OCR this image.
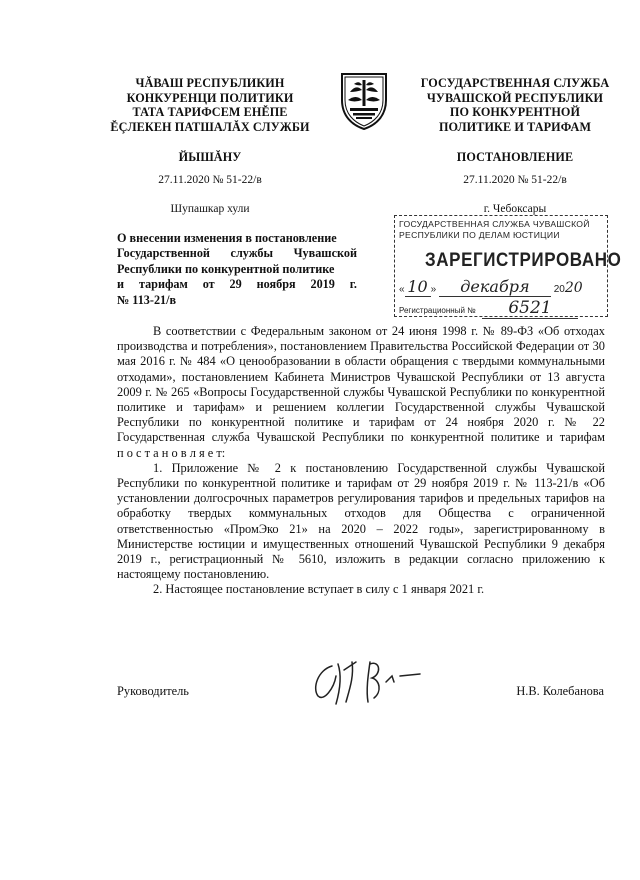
ЧĂВАШ РЕСПУБЛИКИН
КОНКУРЕНЦИ ПОЛИТИКИ
ТАТА ТАРИФСЕМ ЕНĔПЕ
ĔÇЛЕКЕН ПАТШАЛĂХ СЛУЖБИ
ГОСУДАРСТВЕННАЯ СЛУЖБА
ЧУВАШСКОЙ РЕСПУБЛИКИ
ПО КОНКУРЕНТНОЙ
ПОЛИТИКЕ И ТАРИФАМ
ЙЫШĂНУ	ПОСТАНОВЛЕНИЕ
27.11.2020 № 51-22/в	27.11.2020 № 51-22/в
Шупашкар хули	г. Чебоксары
О внесении изменения в постановление
Государственной службы Чувашской
Республики по конкурентной политике
и тарифам от 29 ноября 2019 г.
№ 113-21/в
ГОСУДАРСТВЕННАЯ СЛУЖБА ЧУВАШСКОЙ
РЕСПУБЛИКИ ПО ДЕЛАМ ЮСТИЦИИ
ЗАРЕГИСТРИРОВАНО
« 10 » декабря 2020
Регистрационный № 6521

В соответствии с Федеральным законом от 24 июня 1998 г. № 89-ФЗ «Об отходах производства и потребления», постановлением Правительства Российской Федерации от 30 мая 2016 г. № 484 «О ценообразовании в области обращения с твердыми коммунальными отходами», постановлением Кабинета Министров Чувашской Республики от 13 августа 2009 г. № 265 «Вопросы Государственной службы Чувашской Республики по конкурентной политике и тарифам» и решением коллегии Государственной службы Чувашской Республики по конкурентной политике и тарифам от 24 ноября 2020 г. № 22 Государственная служба Чувашской Республики по конкурентной политике и тарифам

п о с т а н о в л я е т:

1. Приложение № 2 к постановлению Государственной службы Чувашской Республики по конкурентной политике и тарифам от 29 ноября 2019 г. № 113-21/в «Об установлении долгосрочных параметров регулирования тарифов и предельных тарифов на обработку твердых коммунальных отходов для Общества с ограниченной ответственностью «ПромЭко 21» на 2020 – 2022 годы», зарегистрированному в Министерстве юстиции и имущественных отношений Чувашской Республики 9 декабря 2019 г., регистрационный № 5610, изложить в редакции согласно приложению к настоящему постановлению.

2. Настоящее постановление вступает в силу с 1 января 2021 г.

Руководитель	Н.В. Колебанова
